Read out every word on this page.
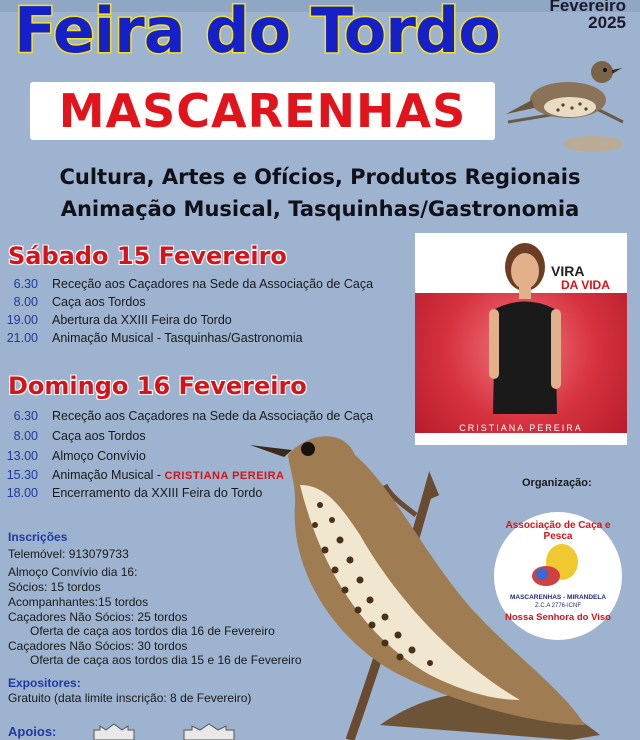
Feira do Tordo	Fevereiro
2025
MASCARENHAS
Cultura, Artes e Ofícios, Produtos Regionais
Animação Musical, Tasquinhas/Gastronomia
Sábado 15 Fevereiro
6.30 Receção aos Caçadores na Sede da Associação de Caça
8.00 Caça aos Tordos
19.00 Abertura da XXIII Feira do Tordo
21.00 Animação Musical - Tasquinhas/Gastronomia
Domingo 16 Fevereiro
6.30 Receção aos Caçadores na Sede da Associação de Caça
8.00 Caça aos Tordos
13.00 Almoço Convívio
15.30 Animação Musical - CRISTIANA PEREIRA
18.00 Encerramento da XXIII Feira do Tordo
VIRA
DA VIDA
CRISTIANA PEREIRA
Organização:
Associação de Caça e Pesca
MASCARENHAS - MIRANDELA
Z.C.A 2776-ICNF
Nossa Senhora do Viso
Inscrições
Telemóvel: 913079733
Almoço Convívio dia 16:
Sócios: 15 tordos
Acompanhantes:15 tordos
Caçadores Não Sócios: 25 tordos
Oferta de caça aos tordos dia 16 de Fevereiro
Caçadores Não Sócios: 30 tordos
Oferta de caça aos tordos dia 15 e 16 de Fevereiro
Expositores:
Gratuito (data limite inscrição: 8 de Fevereiro)
Apoios:
